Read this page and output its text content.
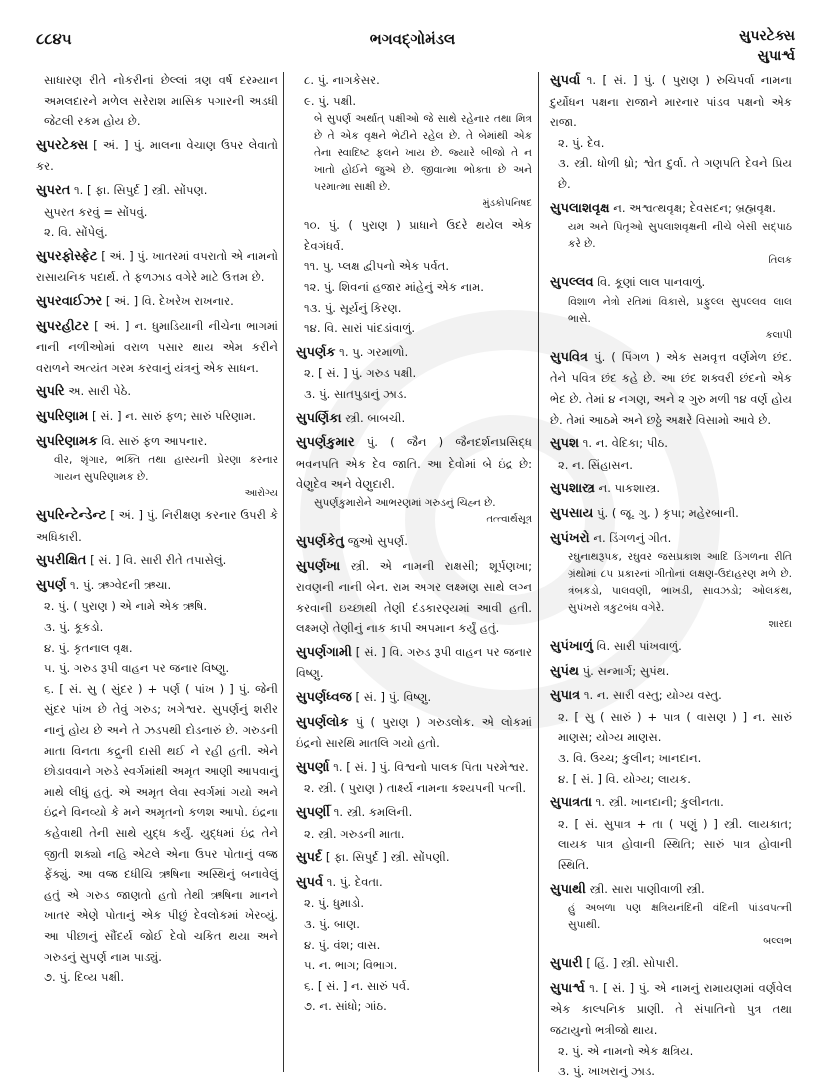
૮૮૪૫	ભગવદ્ગોમંડલ	સુપરટેક્સ
સુપાર્શ્વ
સાધારણ રીતે નોકરીનાં છેલ્લાં ત્રણ વર્ષ દરમ્યાન અમલદારને મળેલ સરેરાશ માસિક પગારની અડધી જેટલી રકમ હોય છે.
સુપરટેક્સ [ અં. ] પું. માલના વેચાણ ઉપર લેવાતો કર.
સુપરત ૧. [ ફા. સિપુર્દ ] સ્ત્રી. સોંપણ.
સુપરત કરવું = સોંપવું.
૨. વિ. સોંપેલું.
સુપરફોસ્ફેટ [ અં. ] પું. ખાતરમાં વપરાતો એ નામનો રાસાયનિક પદાર્થ. તે ફળઝાડ વગેરે માટે ઉત્તમ છે.
સુપરવાઈઝર [ અં. ] વિ. દેખરેખ રાખનાર.
સુપરહીટર [ અં. ] ન. ધુમાડિયાની નીચેના ભાગમાં નાની નળીઓમાં વરાળ પસાર થાય એમ કરીને વરાળને અત્યંત ગરમ કરવાનું યંત્રનું એક સાધન.
સુપરિ અ. સારી પેઠે.
સુપરિણામ [ સં. ] ન. સારું ફળ; સારું પરિણામ.
સુપરિણામક વિ. સારું ફળ આપનાર.
વીર, શૃંગાર, ભક્તિ તથા હાસ્યની પ્રેરણા કરનાર ગાયન સુપરિણામક છે.
આરોગ્ય
સુપરિન્ટેન્ડેન્ટ [ અં. ] પું. નિરીક્ષણ કરનાર ઉપરી કે અધિકારી.
સુપરીક્ષિત [ સં. ] વિ. સારી રીતે તપાસેલું.
સુપર્ણ ૧. પું. ઋગ્વેદની ઋચા.
૨. પું. ( પુરાણ ) એ નામે એક ઋષિ.
૩. પું. કૂકડો.
૪. પું. કૃતનાલ વૃક્ષ.
૫. પું. ગરુડ રૂપી વાહન પર જનાર વિષ્ણુ.
૬. [ સં. સુ ( સુંદર ) + પર્ણ ( પાંખ ) ] પું. જેની સુંદર પાંખ છે તેવું ગરુડ; ખગેશ્વર. સુપર્ણનું શરીર નાનું હોય છે અને તે ઝડપથી દોડનારું છે. ગરુડની માતા વિનતા કદ્રુની દાસી થઈ ને રહી હતી. એને છોડાવવાને ગરુડે સ્વર્ગમાંથી અમૃત આણી આપવાનું માથે લીધું હતું. એ અમૃત લેવા સ્વર્ગમાં ગયો અને ઇંદ્રને વિનવ્યો કે મને અમૃતનો કળશ આપો. ઇંદ્રના કહેવાથી તેની સાથે યુદ્ધ કર્યું. યુદ્ધમાં ઇંદ્ર તેને જીતી શક્યો નહિ એટલે એના ઉપર પોતાનું વજ્ર ફેંક્યું. આ વજ્ર દધીચિ ઋષિના અસ્થિનું બનાવેલું હતું એ ગરુડ જાણતો હતો તેથી ઋષિના માનને ખાતર એણે પોતાનું એક પીછું દેવલોકમાં ખેરવ્યું. આ પીછાનું સૌંદર્ય જોઈ દેવો ચકિત થયા અને ગરુડનું સુપર્ણ નામ પાડ્યું.
૭. પું. દિવ્ય પક્ષી.
૮. પું. નાગકેસર.
૯. પું. પક્ષી.
બે સુપર્ણ અર્થાત્ પક્ષીઓ જે સાથે રહેનાર તથા મિત્ર છે તે એક વૃક્ષને ભેટીને રહેલ છે. તે બેમાંથી એક તેના સ્વાદિષ્ટ ફલને ખાય છે. જ્યારે બીજો તે ન ખાતો હોઈને જુએ છે. જીવાત્મા ભોક્તા છે અને પરમાત્મા સાક્ષી છે.
મુંડકોપનિષદ
૧૦. પું. ( પુરાણ ) પ્રાધાને ઉદરે થયેલ એક દેવગંધર્વ.
૧૧. પુ. પ્લક્ષ દ્વીપનો એક પર્વત.
૧૨. પું. શિવનાં હજાર માંહેનું એક નામ.
૧૩. પું. સૂર્યનું કિરણ.
૧૪. વિ. સારાં પાંદડાંવાળું.
સુપર્ણક ૧. પુ. ગરમાળો.
૨. [ સં. ] પું. ગરુડ પક્ષી.
૩. પું. સાતપુડાનું ઝાડ.
સુપર્ણિકા સ્ત્રી. બાબચી.
સુપર્ણકુમાર પું. ( જૈન ) જૈનદર્શનપ્રસિદ્ધ ભવનપતિ એક દેવ જાતિ. આ દેવોમાં બે ઇંદ્ર છે: વેણુદેવ અને વેણુદારી.
સુપર્ણકુમારોને આભરણમાં ગરુડનું ચિહ્ન છે.
તત્ત્વાર્થસૂત્ર
સુપર્ણકેતુ જુઓ સુપર્ણ.
સુપર્ણખા સ્ત્રી. એ નામની રાક્ષસી; શૂર્પણખા; રાવણની નાની બેન. રામ અગર લક્ષ્મણ સાથે લગ્ન કરવાની ઇચ્છાથી તેણી દંડકારણ્યમાં આવી હતી. લક્ષ્મણે તેણીનું નાક કાપી અપમાન કર્યું હતું.
સુપર્ણગામી [ સં. ] વિ. ગરુડ રૂપી વાહન પર જનાર વિષ્ણુ.
સુપર્ણધ્વજ [ સં. ] પું. વિષ્ણુ.
સુપર્ણલોક પું ( પુરાણ ) ગરુડલોક. એ લોકમાં ઇંદ્રનો સારથિ માતલિ ગયો હતો.
સુપર્ણા ૧. [ સં. ] પું. વિશ્વનો પાલક પિતા પરમેશ્વર.
૨. સ્ત્રી. ( પુરાણ ) તાર્ક્ષ્ય નામના કશ્યપની પત્ની.
સુપર્ણી ૧. સ્ત્રી. કમલિની.
૨. સ્ત્રી. ગરુડની માતા.
સુપર્દ [ ફા. સિપુર્દ ] સ્ત્રી. સોંપણી.
સુપર્વ ૧. પું. દેવતા.
૨. પું. ધુમાડો.
૩. પું. બાણ.
૪. પું. વંશ; વાસ.
૫. ન. ભાગ; વિભાગ.
૬. [ સં. ] ન. સારું પર્વ.
૭. ન. સાંધો; ગાંઠ.
સુપર્વા ૧. [ સં. ] પું. ( પુરાણ ) રુચિપર્વા નામના દુર્યોધન પક્ષના રાજાને મારનાર પાંડવ પક્ષનો એક રાજા.
૨. પું. દેવ.
૩. સ્ત્રી. ધોળી ધ્રો; શ્વેત દુર્વા. તે ગણપતિ દેવને પ્રિય છે.
સુપલાશવૃક્ષ ન. અશ્વત્થવૃક્ષ; દેવસદન; બ્રહ્મવૃક્ષ.
યમ અને પિતૃઓ સુપલાશવૃક્ષની નીચે બેસી સદ્પાઠ કરે છે.
તિલક
સુપલ્લવ વિ. કૂણાં લાલ પાનવાળું.
વિશાળ નેત્રો રતિમાં વિકાસે, પ્રફુલ્લ સુપલ્લવ લાલ ભાસે.
કલાપી
સુપવિત્ર પું. ( પિંગળ ) એક સમવૃત્ત વર્ણમેળ છંદ. તેને પવિત્ર છંદ કહે છે. આ છંદ શક્વરી છંદનો એક ભેદ છે. તેમાં ૪ નગણ, અને ૨ ગુરુ મળી ૧૪ વર્ણ હોય છે. તેમાં આઠમે અને છઠ્ઠે અક્ષરે વિસામો આવે છે.
સુપશ ૧. ન. વેદિકા; પીઠ.
૨. ન. સિંહાસન.
સુપશાસ્ત્ર ન. પાકશાસ્ત્ર.
સુપસાય પું. ( જૂ. ગુ. ) કૃપા; મહેરબાની.
સુપંખરો ન. ડિંગળનું ગીત.
રઘુનાથરૂપક, રઘુવર જસપ્રકાશ આદિ ડિંગળના રીતિ ગ્રંથોમાં ૮૫ પ્રકારનાં ગીતોનાં લક્ષણ-ઉદાહરણ મળે છે. ત્રંબકડો, પાલવણી, ભાખડી, સાવઝડો; ઓલકંથ, સુપંખરો ત્રકુટબંધ વગેરે.
શારદા
સુપંખાળું વિ. સારી પાંખવાળું.
સુપંથ પું. સન્માર્ગ; સુપંથ.
સુપાત્ર ૧. ન. સારી વસ્તુ; યોગ્ય વસ્તુ.
૨. [ સુ ( સારું ) + પાત્ર ( વાસણ ) ] ન. સારું માણસ; યોગ્ય માણસ.
૩. વિ. ઉચ્ચ; કુલીન; ખાનદાન.
૪. [ સં. ] વિ. યોગ્ય; લાયક.
સુપાત્રતા ૧. સ્ત્રી. ખાનદાની; કુલીનતા.
૨. [ સં. સુપાત્ર + તા ( પણું ) ] સ્ત્રી. લાયકાત; લાયક પાત્ર હોવાની સ્થિતિ; સારું પાત્ર હોવાની સ્થિતિ.
સુપાથી સ્ત્રી. સારા પાણીવાળી સ્ત્રી.
હું અબળા પણ ક્ષત્રિયનંદિની વંદિની પાંડવપત્ની સુપાથી.
બલ્લભ
સુપારી [ હિં. ] સ્ત્રી. સોપારી.
સુપાર્શ્વ ૧. [ સં. ] પું. એ નામનું રામાયણમાં વર્ણવેલ એક કાલ્પનિક પ્રાણી. તે સંપાતિનો પુત્ર તથા જટાયુનો ભત્રીજો થાય.
૨. પું. એ નામનો એક ક્ષત્રિય.
૩. પું. ખાખરાનું ઝાડ.
